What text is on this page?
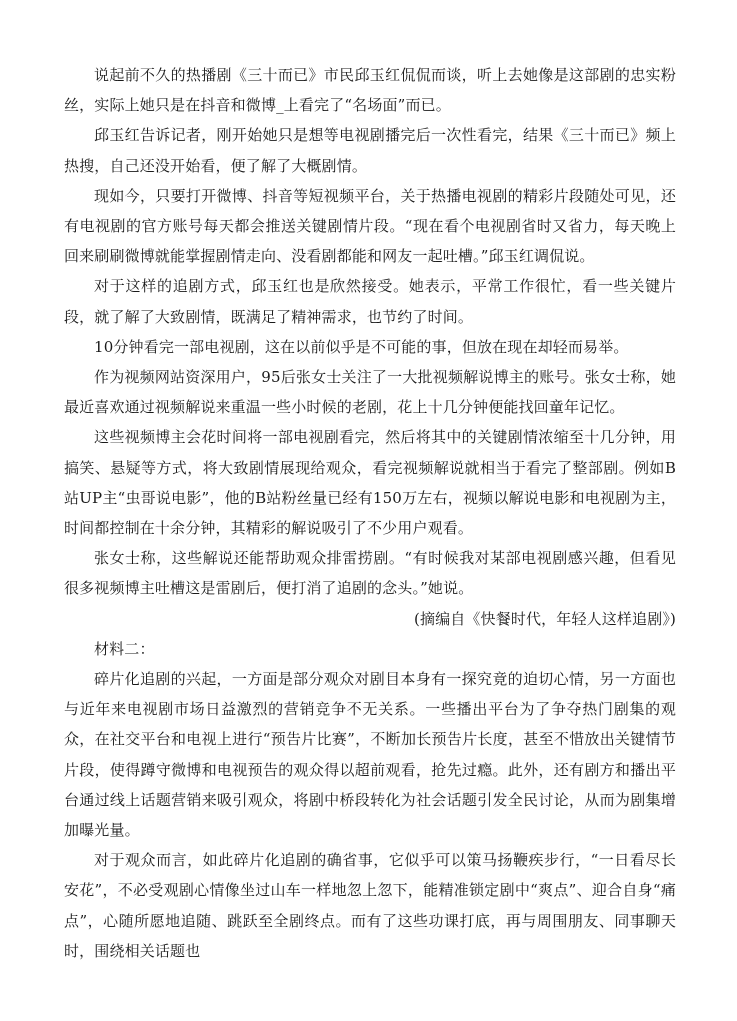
说起前不久的热播剧《三十而已》市民邱玉红侃侃而谈，听上去她像是这部剧的忠实粉丝，实际上她只是在抖音和微博_上看完了“名场面”而已。

邱玉红告诉记者，刚开始她只是想等电视剧播完后一次性看完，结果《三十而已》频上热搜，自己还没开始看，便了解了大概剧情。

现如今，只要打开微博、抖音等短视频平台，关于热播电视剧的精彩片段随处可见，还有电视剧的官方账号每天都会推送关键剧情片段。“现在看个电视剧省时又省力，每天晚上回来刷刷微博就能掌握剧情走向、没看剧都能和网友一起吐槽。”邱玉红调侃说。

对于这样的追剧方式，邱玉红也是欣然接受。她表示，平常工作很忙，看一些关键片段，就了解了大致剧情，既满足了精神需求，也节约了时间。

10分钟看完一部电视剧，这在以前似乎是不可能的事，但放在现在却轻而易举。

作为视频网站资深用户，95后张女士关注了一大批视频解说博主的账号。张女士称，她最近喜欢通过视频解说来重温一些小时候的老剧，花上十几分钟便能找回童年记忆。

这些视频博主会花时间将一部电视剧看完，然后将其中的关键剧情浓缩至十几分钟，用搞笑、悬疑等方式，将大致剧情展现给观众，看完视频解说就相当于看完了整部剧。例如B站UP主“虫哥说电影”，他的B站粉丝量已经有150万左右，视频以解说电影和电视剧为主，时间都控制在十余分钟，其精彩的解说吸引了不少用户观看。

张女士称，这些解说还能帮助观众排雷捞剧。“有时候我对某部电视剧感兴趣，但看见很多视频博主吐槽这是雷剧后，便打消了追剧的念头。”她说。

(摘编自《快餐时代，年轻人这样追剧》)

材料二：

碎片化追剧的兴起，一方面是部分观众对剧目本身有一探究竟的迫切心情，另一方面也与近年来电视剧市场日益激烈的营销竞争不无关系。一些播出平台为了争夺热门剧集的观众，在社交平台和电视上进行“预告片比赛”，不断加长预告片长度，甚至不惜放出关键情节片段，使得蹲守微博和电视预告的观众得以超前观看，抢先过瘾。此外，还有剧方和播出平台通过线上话题营销来吸引观众，将剧中桥段转化为社会话题引发全民讨论，从而为剧集增加曝光量。

对于观众而言，如此碎片化追剧的确省事，它似乎可以策马扬鞭疾步行，“一日看尽长安花”，不必受观剧心情像坐过山车一样地忽上忽下，能精准锁定剧中“爽点”、迎合自身“痛点”，心随所愿地追随、跳跃至全剧终点。而有了这些功课打底，再与周围朋友、同事聊天时，围绕相关话题也
